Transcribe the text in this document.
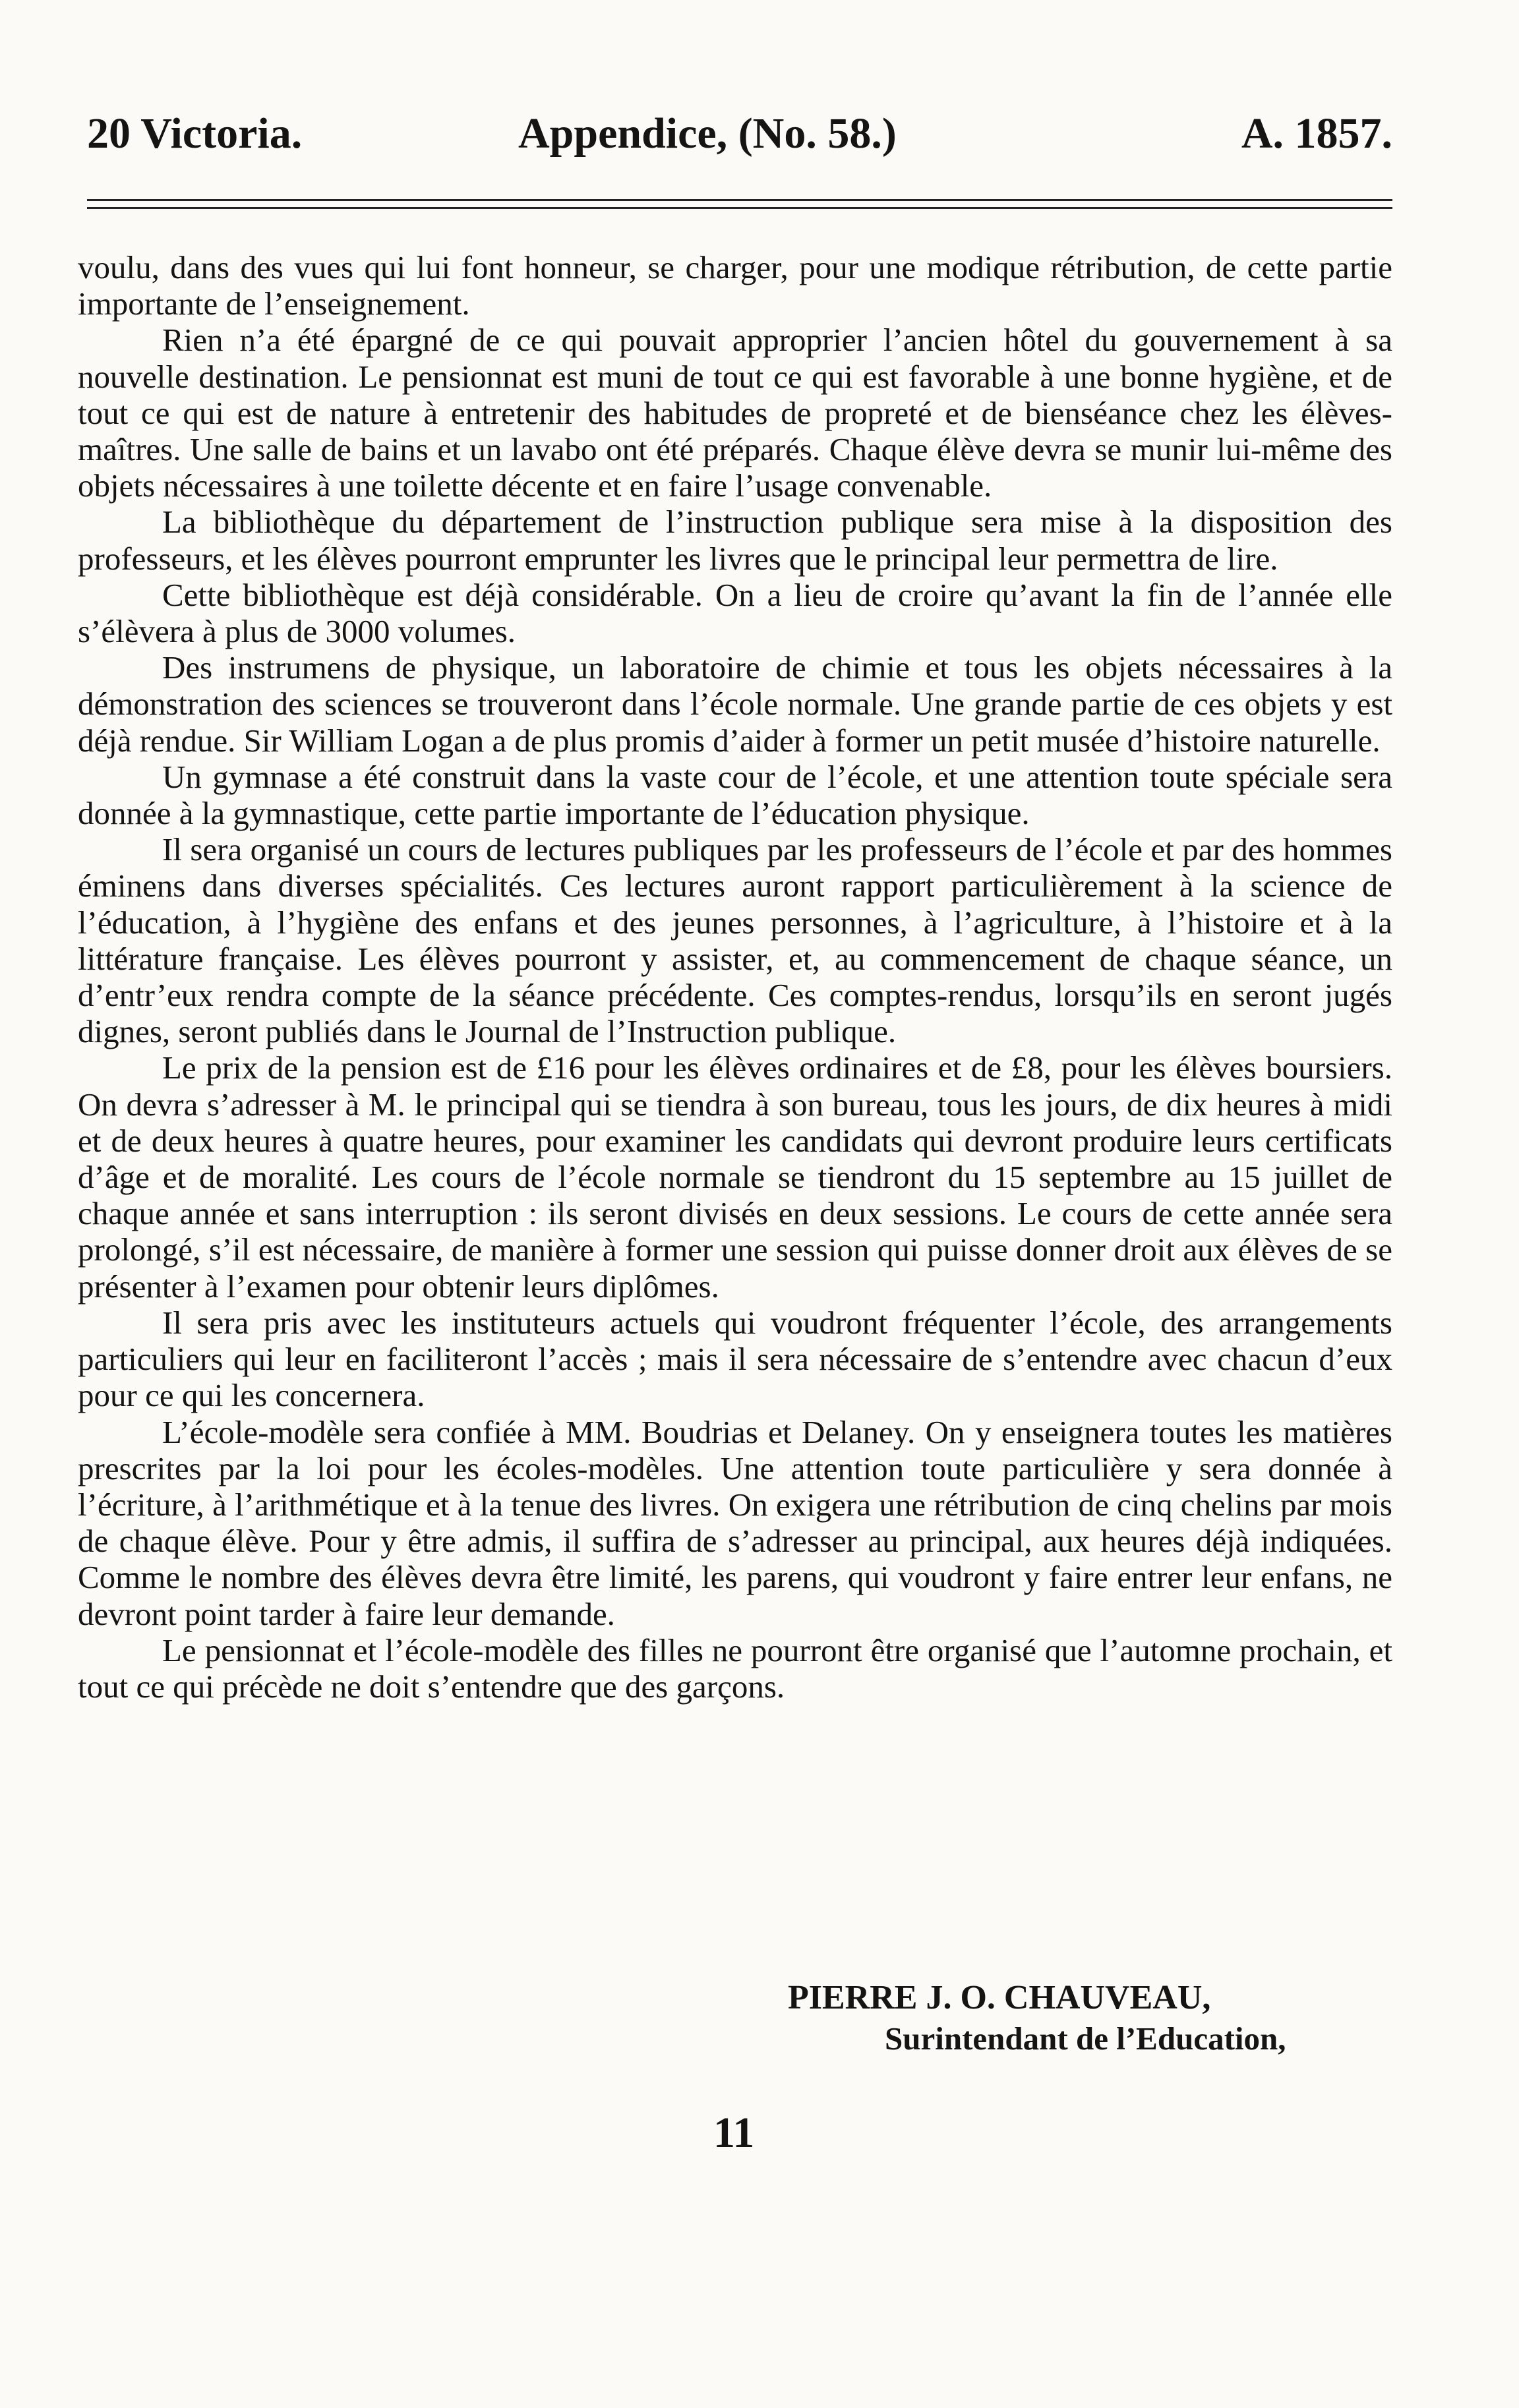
20 Victoria.	Appendice, (No. 58.)	A. 1857.

voulu, dans des vues qui lui font honneur, se charger, pour une modique rétribution, de cette partie importante de l’enseignement.

Rien n’a été épargné de ce qui pouvait approprier l’ancien hôtel du gouvernement à sa nouvelle destination. Le pensionnat est muni de tout ce qui est favorable à une bonne hygiène, et de tout ce qui est de nature à entretenir des habitudes de propreté et de bienséance chez les élèves-maîtres. Une salle de bains et un lavabo ont été préparés. Chaque élève devra se munir lui-même des objets nécessaires à une toilette décente et en faire l’usage convenable.

La bibliothèque du département de l’instruction publique sera mise à la disposition des professeurs, et les élèves pourront emprunter les livres que le principal leur permettra de lire.

Cette bibliothèque est déjà considérable. On a lieu de croire qu’avant la fin de l’année elle s’élèvera à plus de 3000 volumes.

Des instrumens de physique, un laboratoire de chimie et tous les objets nécessaires à la démonstration des sciences se trouveront dans l’école normale. Une grande partie de ces objets y est déjà rendue. Sir William Logan a de plus promis d’aider à former un petit musée d’histoire naturelle.

Un gymnase a été construit dans la vaste cour de l’école, et une attention toute spéciale sera donnée à la gymnastique, cette partie importante de l’éducation physique.

Il sera organisé un cours de lectures publiques par les professeurs de l’école et par des hommes éminens dans diverses spécialités. Ces lectures auront rapport particulièrement à la science de l’éducation, à l’hygiène des enfans et des jeunes personnes, à l’agriculture, à l’histoire et à la littérature française. Les élèves pourront y assister, et, au commencement de chaque séance, un d’entr’eux rendra compte de la séance précédente. Ces comptes-rendus, lorsqu’ils en seront jugés dignes, seront publiés dans le Journal de l’Instruction publique.

Le prix de la pension est de £16 pour les élèves ordinaires et de £8, pour les élèves boursiers. On devra s’adresser à M. le principal qui se tiendra à son bureau, tous les jours, de dix heures à midi et de deux heures à quatre heures, pour examiner les candidats qui devront produire leurs certificats d’âge et de moralité. Les cours de l’école normale se tiendront du 15 septembre au 15 juillet de chaque année et sans interruption : ils seront divisés en deux sessions. Le cours de cette année sera prolongé, s’il est nécessaire, de manière à former une session qui puisse donner droit aux élèves de se présenter à l’examen pour obtenir leurs diplômes.

Il sera pris avec les instituteurs actuels qui voudront fréquenter l’école, des arrangements particuliers qui leur en faciliteront l’accès ; mais il sera nécessaire de s’entendre avec chacun d’eux pour ce qui les concernera.

L’école-modèle sera confiée à MM. Boudrias et Delaney. On y enseignera toutes les matières prescrites par la loi pour les écoles-modèles. Une attention toute particulière y sera donnée à l’écriture, à l’arithmétique et à la tenue des livres. On exigera une rétribution de cinq chelins par mois de chaque élève. Pour y être admis, il suffira de s’adresser au principal, aux heures déjà indiquées. Comme le nombre des élèves devra être limité, les parens, qui voudront y faire entrer leur enfans, ne devront point tarder à faire leur demande.

Le pensionnat et l’école-modèle des filles ne pourront être organisé que l’automne prochain, et tout ce qui précède ne doit s’entendre que des garçons.

PIERRE J. O. CHAUVEAU,
Surintendant de l’Education,
11
